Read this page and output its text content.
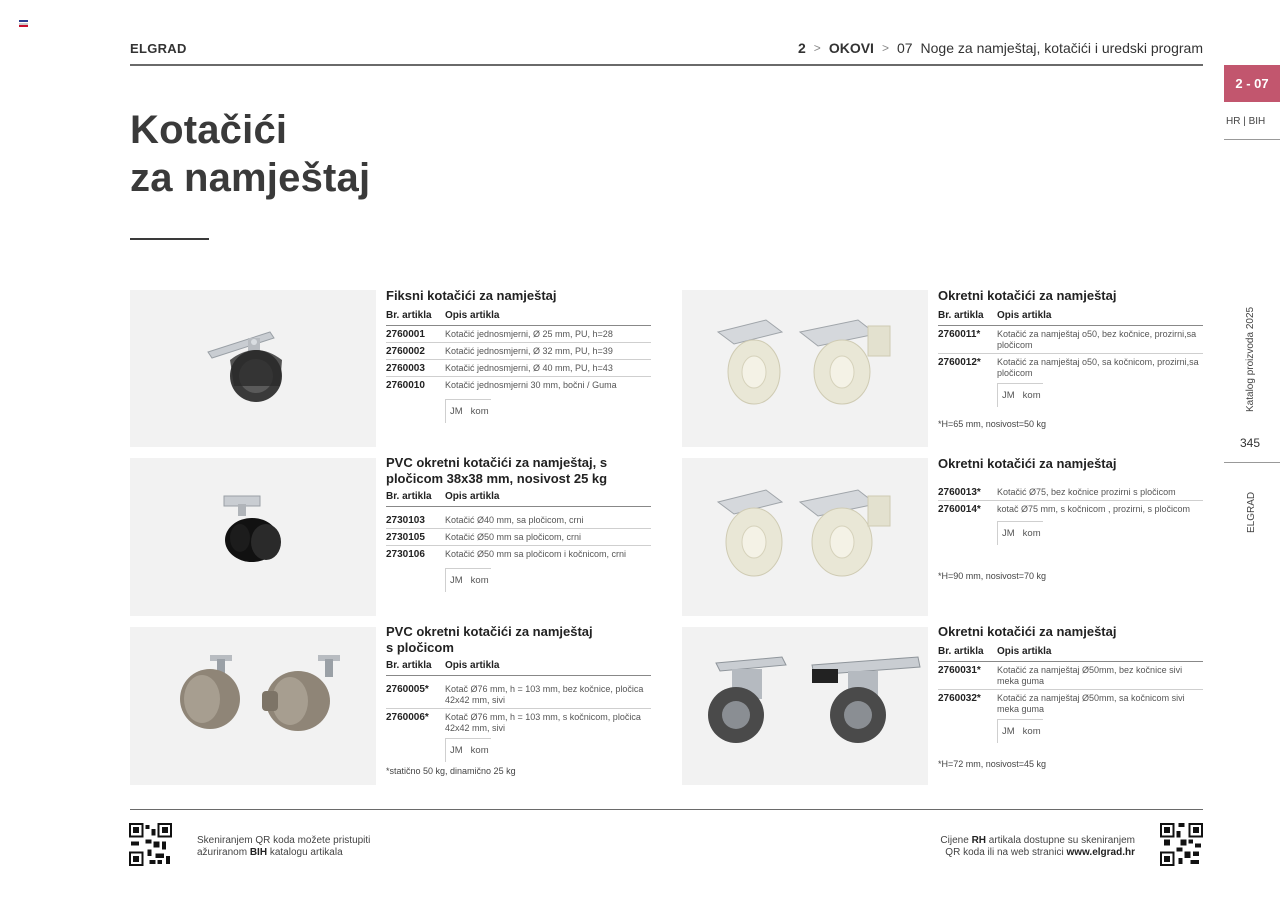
ELGRAD	2 > OKOVI > 07 Noge za namještaj, kotačići i uredski program
2 - 07
HR | BIH
Katalog proizvoda 2025
345
ELGRAD
Kotačići
za namještaj
Fiksni kotačići za namještaj
Br. artikla	Opis artikla
2760001	Kotačić jednosmjerni, Ø 25 mm, PU, h=28
2760002	Kotačić jednosmjerni, Ø 32 mm, PU, h=39
2760003	Kotačić jednosmjerni, Ø 40 mm, PU, h=43
2760010	Kotačić jednosmjerni 30 mm, bočni / Guma
JM kom
PVC okretni kotačići za namještaj, s pločicom 38x38 mm, nosivost 25 kg
Br. artikla	Opis artikla
2730103	Kotačić Ø40 mm, sa pločicom, crni
2730105	Kotačić Ø50 mm sa pločicom, crni
2730106	Kotačić Ø50 mm sa pločicom i kočnicom, crni
JM kom
PVC okretni kotačići za namještaj s pločicom
Br. artikla	Opis artikla
2760005*	Kotač Ø76 mm, h = 103 mm, bez kočnice, pločica 42x42 mm, sivi
2760006*	Kotač Ø76 mm, h = 103 mm, s kočnicom, pločica 42x42 mm, sivi
JM kom
*statično 50 kg, dinamično 25 kg
Okretni kotačići za namještaj
Br. artikla	Opis artikla
2760011*	Kotačić za namještaj o50, bez kočnice, prozirni,sa pločicom
2760012*	Kotačić za namještaj o50, sa kočnicom, prozirni,sa pločicom
JM kom
*H=65 mm, nosivost=50 kg
Okretni kotačići za namještaj
2760013*	Kotačić Ø75, bez kočnice prozirni s pločicom
2760014*	kotač Ø75 mm, s kočnicom , prozirni, s pločicom
JM kom
*H=90 mm, nosivost=70 kg
Okretni kotačići za namještaj
Br. artikla	Opis artikla
2760031*	Kotačić za namještaj Ø50mm, bez kočnice sivi meka guma
2760032*	Kotačić za namještaj Ø50mm, sa kočnicom sivi meka guma
JM kom
*H=72 mm, nosivost=45 kg
Skeniranjem QR koda možete pristupiti
ažuriranom BIH katalogu artikala
Cijene RH artikala dostupne su skeniranjem
QR koda ili na web stranici www.elgrad.hr
